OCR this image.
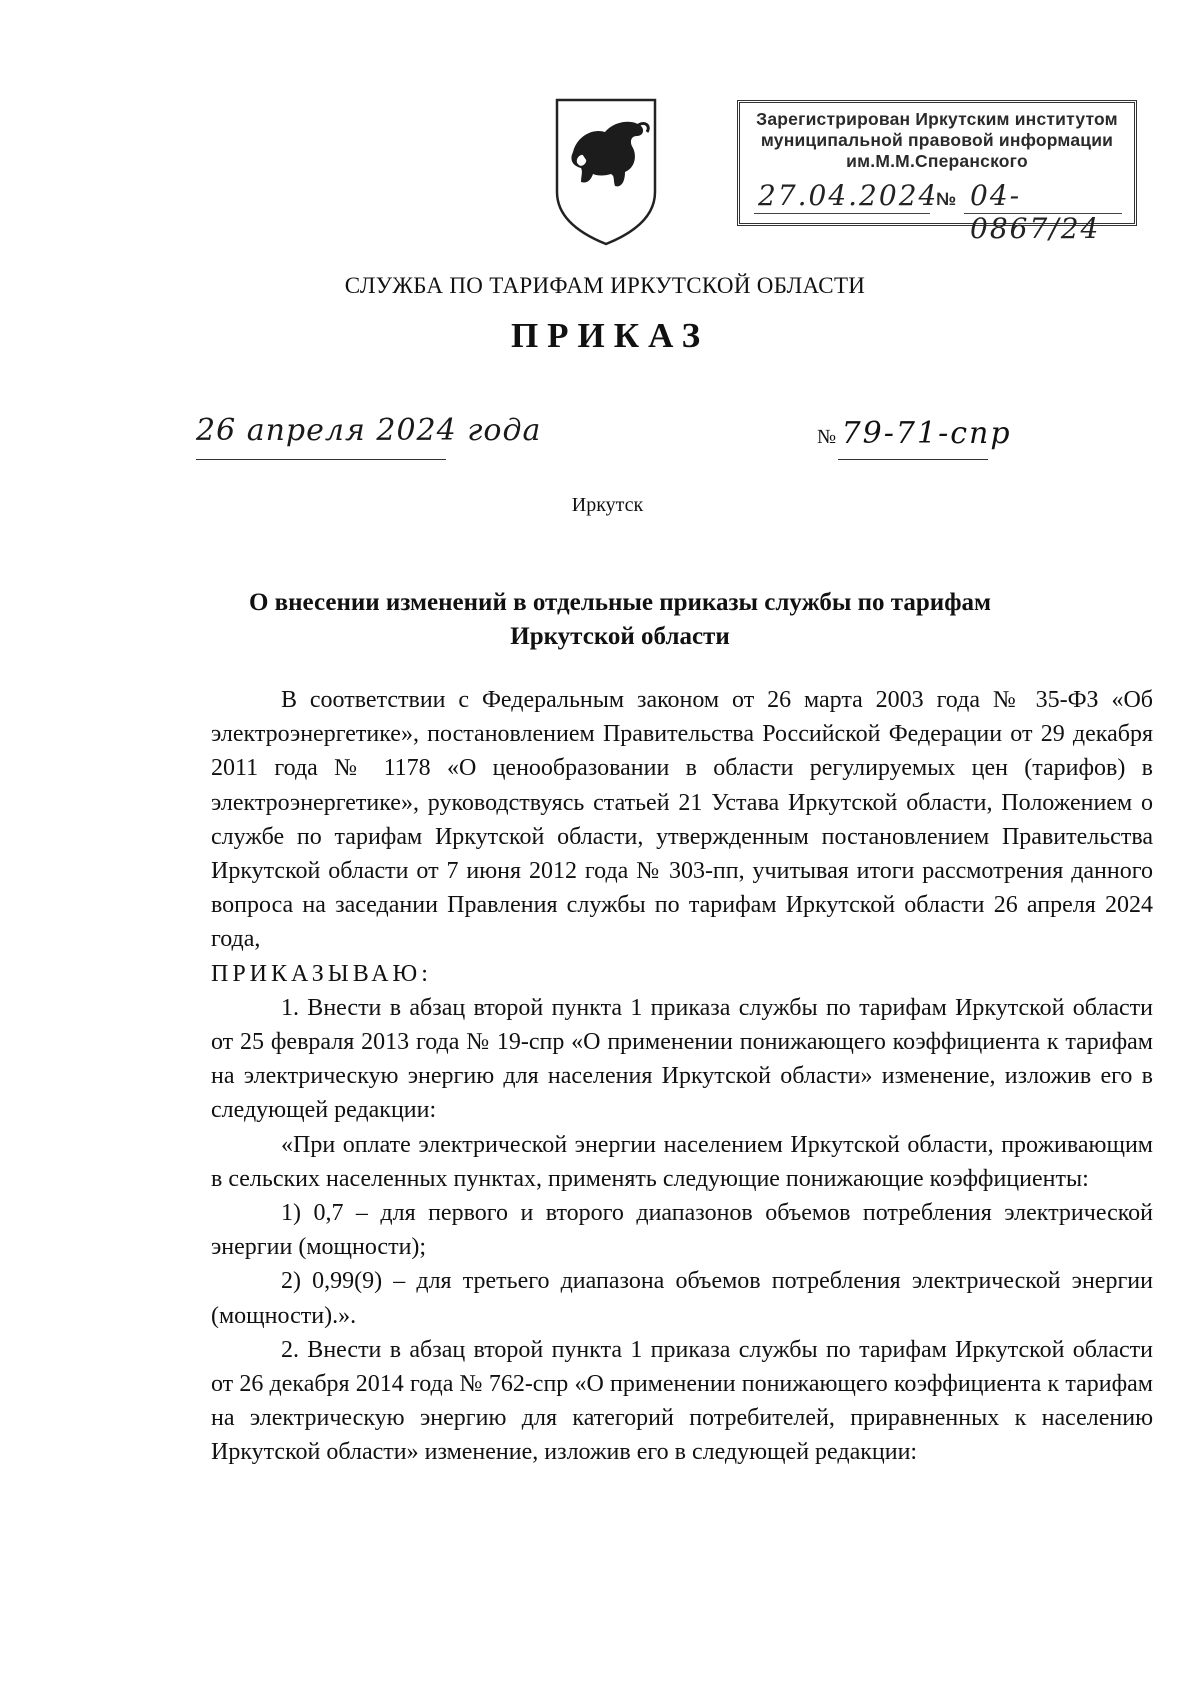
Зарегистрирован Иркутским институтом
муниципальной правовой информации
им.М.М.Сперанского
27.04.2024
№ 04-0867/24
СЛУЖБА ПО ТАРИФАМ ИРКУТСКОЙ ОБЛАСТИ
ПРИКАЗ
26 апреля 2024 года	№ 79-71-спр
Иркутск
О внесении изменений в отдельные приказы службы по тарифам Иркутской области

В соответствии с Федеральным законом от 26 марта 2003 года № 35-ФЗ «Об электроэнергетике», постановлением Правительства Российской Федерации от 29 декабря 2011 года № 1178 «О ценообразовании в области регулируемых цен (тарифов) в электроэнергетике», руководствуясь статьей 21 Устава Иркутской области, Положением о службе по тарифам Иркутской области, утвержденным постановлением Правительства Иркутской области от 7 июня 2012 года № 303-пп, учитывая итоги рассмотрения данного вопроса на заседании Правления службы по тарифам Иркутской области 26 апреля 2024 года,

ПРИКАЗЫВАЮ:

1. Внести в абзац второй пункта 1 приказа службы по тарифам Иркутской области от 25 февраля 2013 года № 19-спр «О применении понижающего коэффициента к тарифам на электрическую энергию для населения Иркутской области» изменение, изложив его в следующей редакции:

«При оплате электрической энергии населением Иркутской области, проживающим в сельских населенных пунктах, применять следующие понижающие коэффициенты:

1) 0,7 – для первого и второго диапазонов объемов потребления электрической энергии (мощности);

2) 0,99(9) – для третьего диапазона объемов потребления электрической энергии (мощности).».

2. Внести в абзац второй пункта 1 приказа службы по тарифам Иркутской области от 26 декабря 2014 года № 762-спр «О применении понижающего коэффициента к тарифам на электрическую энергию для категорий потребителей, приравненных к населению Иркутской области» изменение, изложив его в следующей редакции:
